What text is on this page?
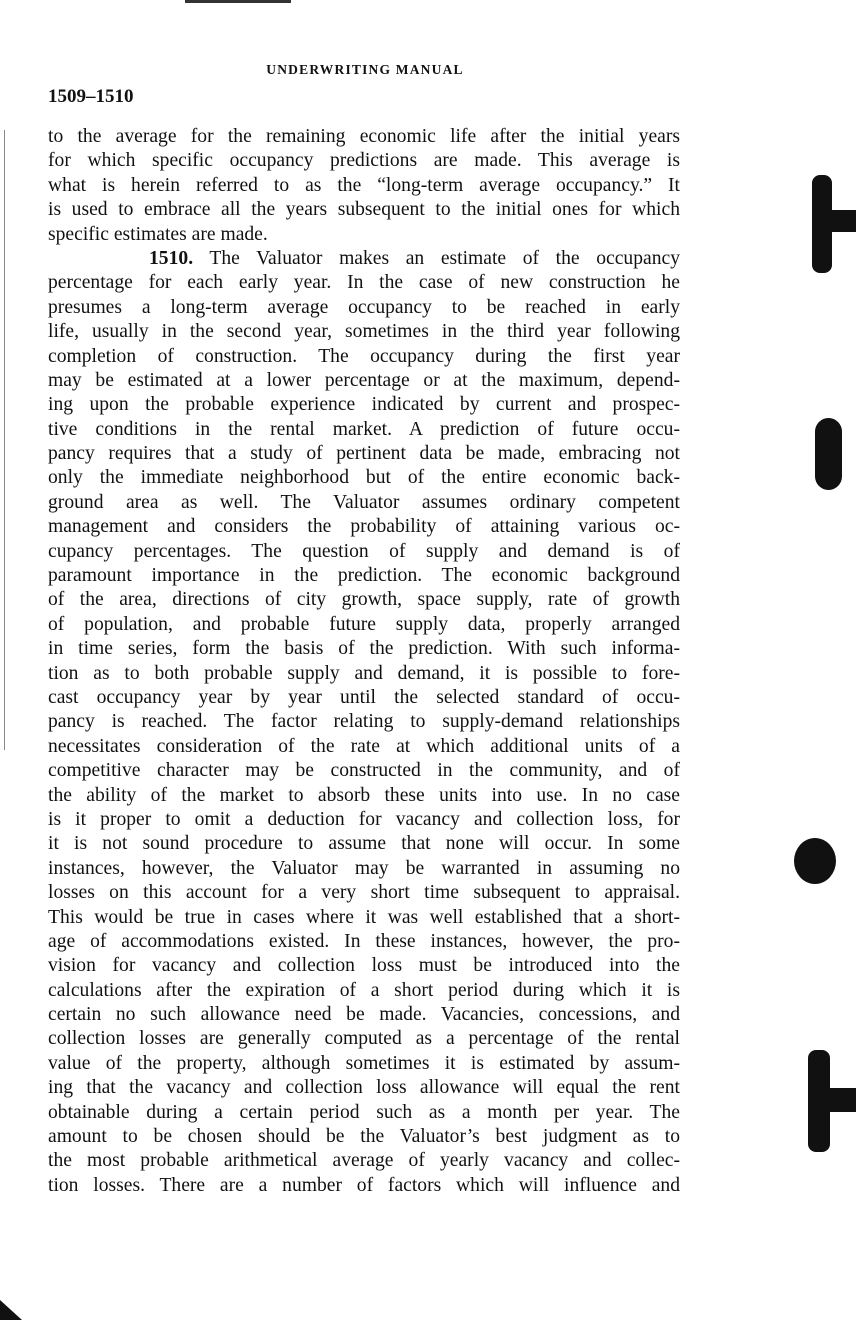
UNDERWRITING MANUAL
1509–1510
to the average for the remaining economic life after the initial years
for which specific occupancy predictions are made. This average is
what is herein referred to as the “long-term average occupancy.” It
is used to embrace all the years subsequent to the initial ones for which
specific estimates are made.
1510. The Valuator makes an estimate of the occupancy
percentage for each early year. In the case of new construction he
presumes a long-term average occupancy to be reached in early
life, usually in the second year, sometimes in the third year following
completion of construction. The occupancy during the first year
may be estimated at a lower percentage or at the maximum, depend-
ing upon the probable experience indicated by current and prospec-
tive conditions in the rental market. A prediction of future occu-
pancy requires that a study of pertinent data be made, embracing not
only the immediate neighborhood but of the entire economic back-
ground area as well. The Valuator assumes ordinary competent
management and considers the probability of attaining various oc-
cupancy percentages. The question of supply and demand is of
paramount importance in the prediction. The economic background
of the area, directions of city growth, space supply, rate of growth
of population, and probable future supply data, properly arranged
in time series, form the basis of the prediction. With such informa-
tion as to both probable supply and demand, it is possible to fore-
cast occupancy year by year until the selected standard of occu-
pancy is reached. The factor relating to supply-demand relationships
necessitates consideration of the rate at which additional units of a
competitive character may be constructed in the community, and of
the ability of the market to absorb these units into use. In no case
is it proper to omit a deduction for vacancy and collection loss, for
it is not sound procedure to assume that none will occur. In some
instances, however, the Valuator may be warranted in assuming no
losses on this account for a very short time subsequent to appraisal.
This would be true in cases where it was well established that a short-
age of accommodations existed. In these instances, however, the pro-
vision for vacancy and collection loss must be introduced into the
calculations after the expiration of a short period during which it is
certain no such allowance need be made. Vacancies, concessions, and
collection losses are generally computed as a percentage of the rental
value of the property, although sometimes it is estimated by assum-
ing that the vacancy and collection loss allowance will equal the rent
obtainable during a certain period such as a month per year. The
amount to be chosen should be the Valuator’s best judgment as to
the most probable arithmetical average of yearly vacancy and collec-
tion losses. There are a number of factors which will influence and
